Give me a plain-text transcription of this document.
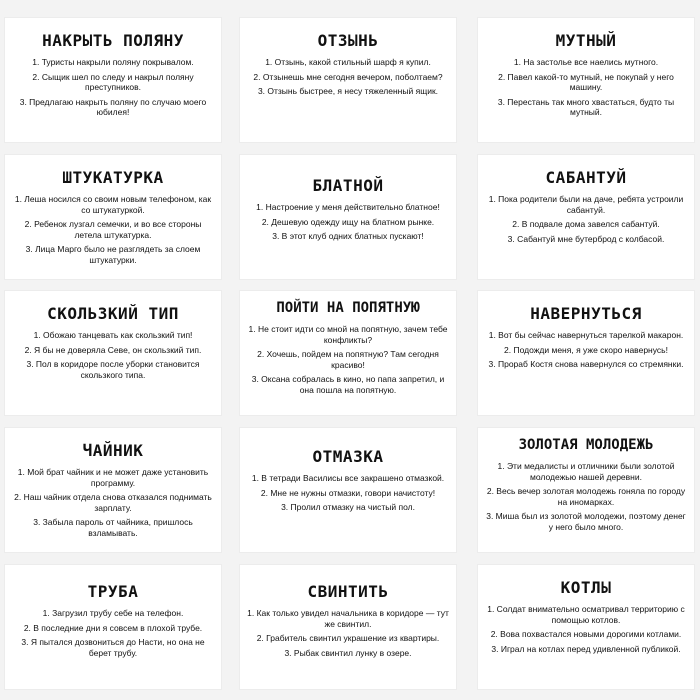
НАКРЫТЬ ПОЛЯНУ
1. Туристы накрыли поляну покрывалом.
2. Сыщик шел по следу и накрыл поляну преступников.
3. Предлагаю накрыть поляну по случаю моего юбилея!
ОТЗЫНЬ
1. Отзынь, какой стильный шарф я купил.
2. Отзынешь мне сегодня вечером, поболтаем?
3. Отзынь быстрее, я несу тяжеленный ящик.
МУТНЫЙ
1. На застолье все наелись мутного.
2. Павел какой-то мутный, не покупай у него машину.
3. Перестань так много хвастаться, будто ты мутный.
ШТУКАТУРКА
1. Леша носился со своим новым телефоном, как со штукатуркой.
2. Ребенок лузгал семечки, и во все стороны летела штукатурка.
3. Лица Марго было не разглядеть за слоем штукатурки.
БЛАТНОЙ
1. Настроение у меня действительно блатное!
2. Дешевую одежду ищу на блатном рынке.
3. В этот клуб одних блатных пускают!
САБАНТУЙ
1. Пока родители были на даче, ребята устроили сабантуй.
2. В подвале дома завелся сабантуй.
3. Сабантуй мне бутерброд с колбасой.
СКОЛЬЗКИЙ ТИП
1. Обожаю танцевать как скользкий тип!
2. Я бы не доверяла Севе, он скользкий тип.
3. Пол в коридоре после уборки становится скользкого типа.
ПОЙТИ НА ПОПЯТНУЮ
1. Не стоит идти со мной на попятную, зачем тебе конфликты?
2. Хочешь, пойдем на попятную? Там сегодня красиво!
3. Оксана собралась в кино, но папа запретил, и она пошла на попятную.
НАВЕРНУТЬСЯ
1. Вот бы сейчас навернуться тарелкой макарон.
2. Подожди меня, я уже скоро навернусь!
3. Прораб Костя снова навернулся со стремянки.
ЧАЙНИК
1. Мой брат чайник и не может даже установить программу.
2. Наш чайник отдела снова отказался поднимать зарплату.
3. Забыла пароль от чайника, пришлось взламывать.
ОТМАЗКА
1. В тетради Василисы все закрашено отмазкой.
2. Мне не нужны отмазки, говори начистоту!
3. Пролил отмазку на чистый пол.
ЗОЛОТАЯ МОЛОДЕЖЬ
1. Эти медалисты и отличники были золотой молодежью нашей деревни.
2. Весь вечер золотая молодежь гоняла по городу на иномарках.
3. Миша был из золотой молодежи, поэтому денег у него было много.
ТРУБА
1. Загрузил трубу себе на телефон.
2. В последние дни я совсем в плохой трубе.
3. Я пытался дозвониться до Насти, но она не берет трубу.
СВИНТИТЬ
1. Как только увидел начальника в коридоре — тут же свинтил.
2. Грабитель свинтил украшение из квартиры.
3. Рыбак свинтил лунку в озере.
КОТЛЫ
1. Солдат внимательно осматривал территорию с помощью котлов.
2. Вова похвастался новыми дорогими котлами.
3. Играл на котлах перед удивленной публикой.
